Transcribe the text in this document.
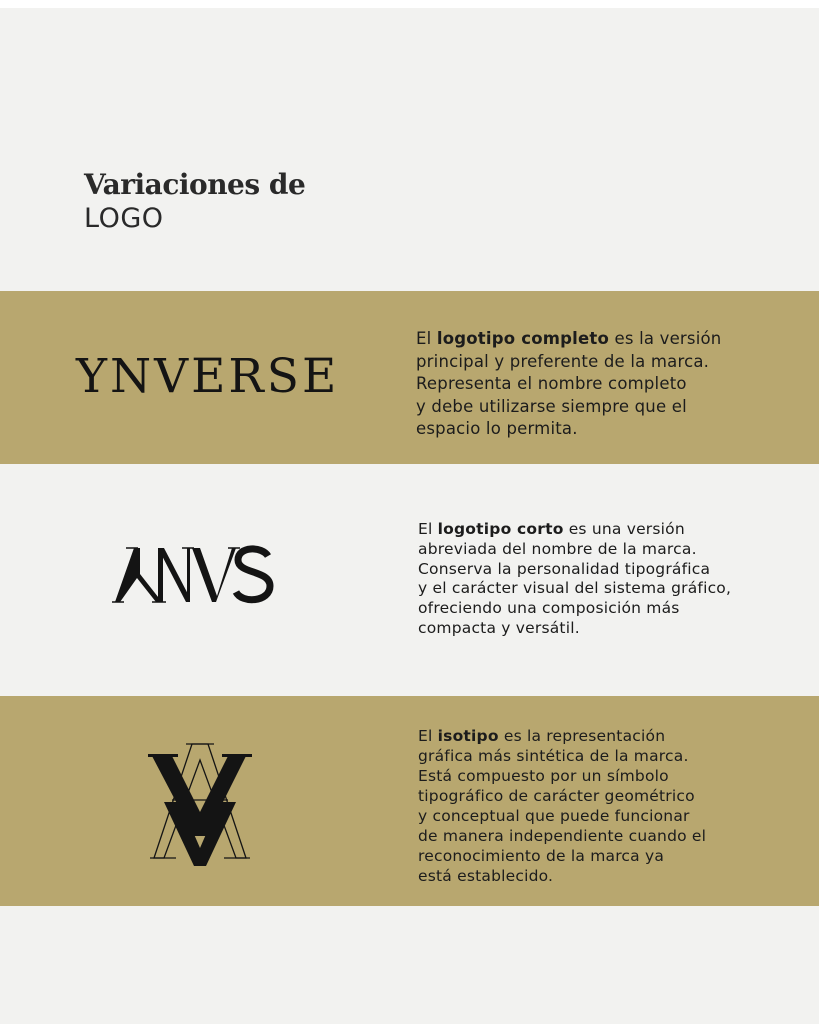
Variaciones de
LOGO
YNVERSE
El logotipo completo es la versión
principal y preferente de la marca.
Representa el nombre completo
y debe utilizarse siempre que el
espacio lo permita.
El logotipo corto es una versión
abreviada del nombre de la marca.
Conserva la personalidad tipográfica
y el carácter visual del sistema gráfico,
ofreciendo una composición más
compacta y versátil.
El isotipo es la representación
gráfica más sintética de la marca.
Está compuesto por un símbolo
tipográfico de carácter geométrico
y conceptual que puede funcionar
de manera independiente cuando el
reconocimiento de la marca ya
está establecido.
